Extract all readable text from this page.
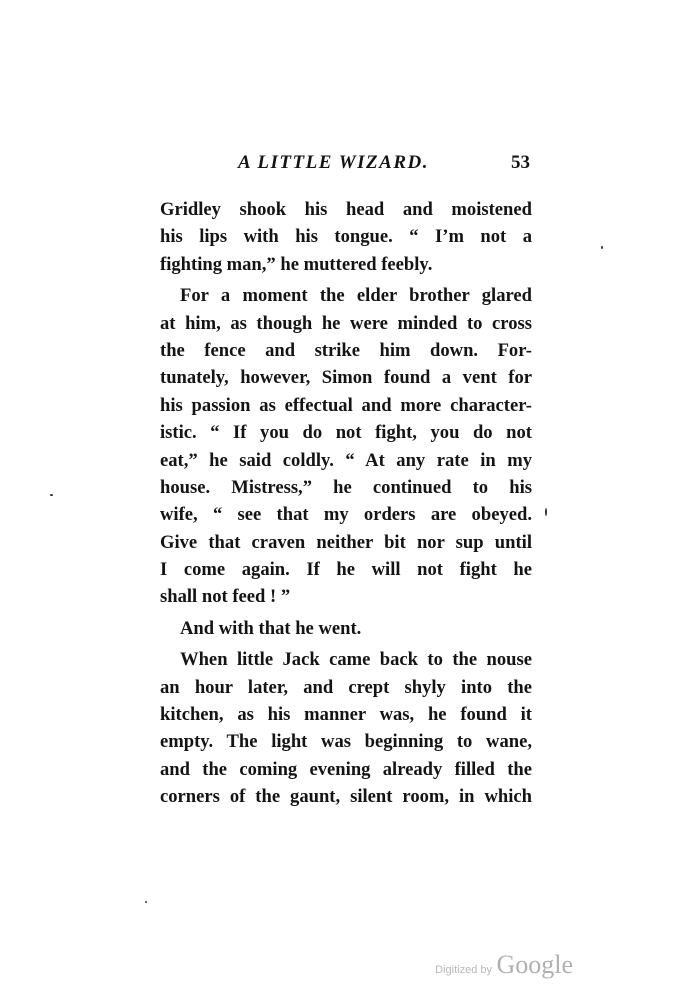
A LITTLE WIZARD.	53
Gridley shook his head and moistened
his lips with his tongue. “ I’m not a
fighting man,” he muttered feebly.
For a moment the elder brother glared
at him, as though he were minded to cross
the fence and strike him down. For-
tunately, however, Simon found a vent for
his passion as effectual and more character-
istic. “ If you do not fight, you do not
eat,” he said coldly. “ At any rate in my
house. Mistress,” he continued to his
wife, “ see that my orders are obeyed.
Give that craven neither bit nor sup until
I come again. If he will not fight he
shall not feed ! ”
And with that he went.
When little Jack came back to the nouse
an hour later, and crept shyly into the
kitchen, as his manner was, he found it
empty. The light was beginning to wane,
and the coming evening already filled the
corners of the gaunt, silent room, in which
Digitized by Google
